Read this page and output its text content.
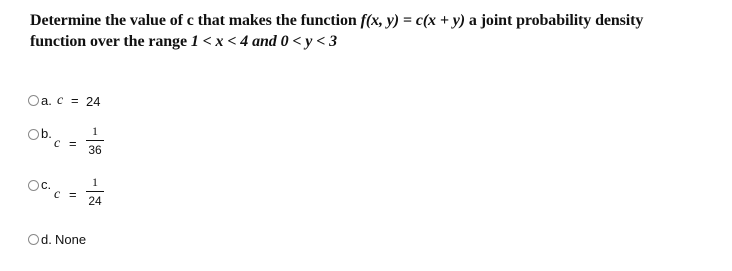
Determine the value of c that makes the function f(x, y) = c(x + y) a joint probability density
function over the range 1 < x < 4 and 0 < y < 3
a. c = 24
b.
c =
1
36
c.
c =
1
24
d. None
